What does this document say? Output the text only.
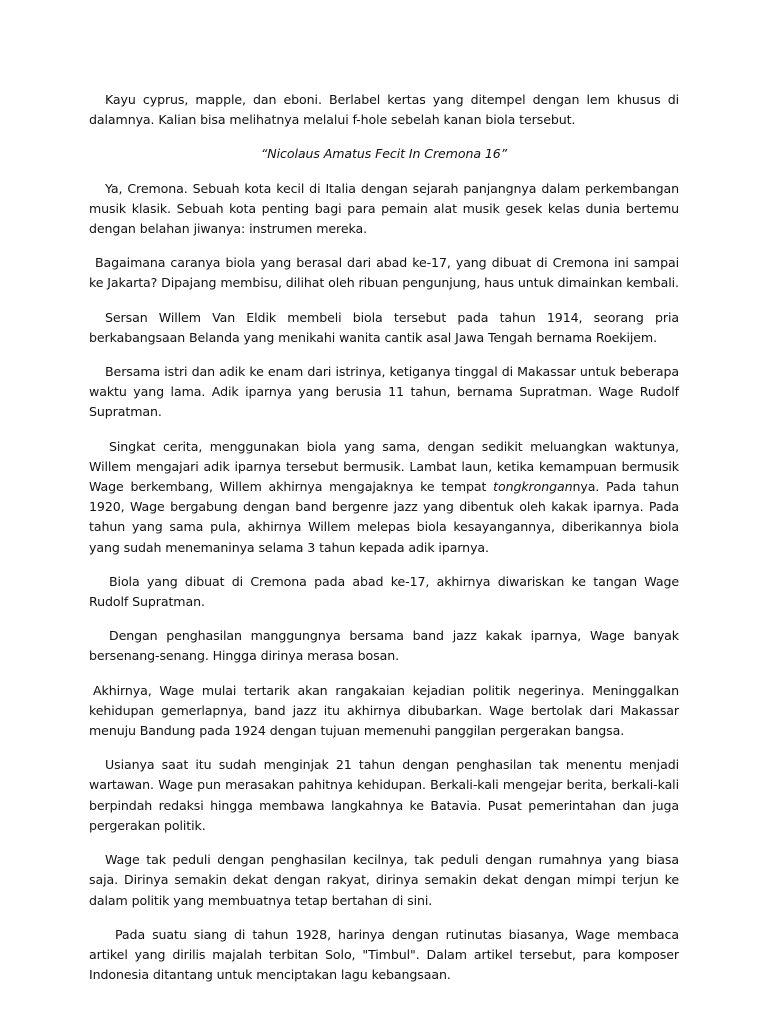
Kayu cyprus, mapple, dan eboni. Berlabel kertas yang ditempel dengan lem khusus di dalamnya. Kalian bisa melihatnya melalui f-hole sebelah kanan biola tersebut.

“Nicolaus Amatus Fecit In Cremona 16”

Ya, Cremona. Sebuah kota kecil di Italia dengan sejarah panjangnya dalam perkembangan musik klasik. Sebuah kota penting bagi para pemain alat musik gesek kelas dunia bertemu dengan belahan jiwanya: instrumen mereka.

Bagaimana caranya biola yang berasal dari abad ke-17, yang dibuat di Cremona ini sampai ke Jakarta? Dipajang membisu, dilihat oleh ribuan pengunjung, haus untuk dimainkan kembali.

Sersan Willem Van Eldik membeli biola tersebut pada tahun 1914, seorang pria berkabangsaan Belanda yang menikahi wanita cantik asal Jawa Tengah bernama Roekijem.

Bersama istri dan adik ke enam dari istrinya, ketiganya tinggal di Makassar untuk beberapa waktu yang lama. Adik iparnya yang berusia 11 tahun, bernama Supratman. Wage Rudolf Supratman.

Singkat cerita, menggunakan biola yang sama, dengan sedikit meluangkan waktunya, Willem mengajari adik iparnya tersebut bermusik. Lambat laun, ketika kemampuan bermusik Wage berkembang, Willem akhirnya mengajaknya ke tempat tongkrongannya. Pada tahun 1920, Wage bergabung dengan band bergenre jazz yang dibentuk oleh kakak iparnya. Pada tahun yang sama pula, akhirnya Willem melepas biola kesayangannya, diberikannya biola yang sudah menemaninya selama 3 tahun kepada adik iparnya.

Biola yang dibuat di Cremona pada abad ke-17, akhirnya diwariskan ke tangan Wage Rudolf Supratman.

Dengan penghasilan manggungnya bersama band jazz kakak iparnya, Wage banyak bersenang-senang. Hingga dirinya merasa bosan.

Akhirnya, Wage mulai tertarik akan rangakaian kejadian politik negerinya. Meninggalkan kehidupan gemerlapnya, band jazz itu akhirnya dibubarkan. Wage bertolak dari Makassar menuju Bandung pada 1924 dengan tujuan memenuhi panggilan pergerakan bangsa.

Usianya saat itu sudah menginjak 21 tahun dengan penghasilan tak menentu menjadi wartawan. Wage pun merasakan pahitnya kehidupan. Berkali-kali mengejar berita, berkali-kali berpindah redaksi hingga membawa langkahnya ke Batavia. Pusat pemerintahan dan juga pergerakan politik.

Wage tak peduli dengan penghasilan kecilnya, tak peduli dengan rumahnya yang biasa saja. Dirinya semakin dekat dengan rakyat, dirinya semakin dekat dengan mimpi terjun ke dalam politik yang membuatnya tetap bertahan di sini.

Pada suatu siang di tahun 1928, harinya dengan rutinutas biasanya, Wage membaca artikel yang dirilis majalah terbitan Solo, "Timbul". Dalam artikel tersebut, para komposer Indonesia ditantang untuk menciptakan lagu kebangsaan.
